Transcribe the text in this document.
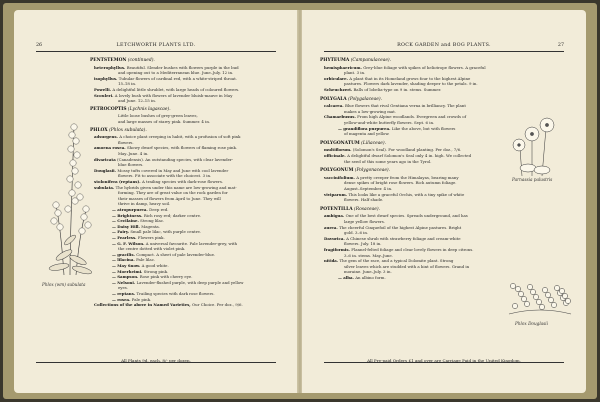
26	LETCHWORTH PLANTS LTD.
PENTSTEMON (continued).
heterophyllus. Beautiful. Slender bushes with flowers purple in the bud
and opening out to a Mediterranean blue. June–July. 12 in.
isophyllus. Tubular flowers of cardinal red, with a white-striped throat.
15–18 in.
Powelli. A delightful little shrublet, with large heads of coloured flowers.
Scouleri. A lovely bush with flowers of lavender bluish-mauve in May
and June. 12–15 in.
PETROCOPTIS (Lychnis lagascae).
Little loose bushes of grey-green leaves,
and large masses of starry pink. Summer. 4 in.
PHLOX (Phlox subulata).
adsurgens. A choice plant creeping in habit, with a profusion of soft pink
flowers.
amoena rosea. Showy dwarf species, with flowers of flaming rose pink.
May–June. 4 in.
divaricata (Canadensis). An outstanding species, with clear lavender-
blue flowers.
Douglasii. Mossy tufts covered in May and June with cool lavender
flowers. Fit to associate with the choicest. 3 in.
stolonifera (reptans). A trailing species with dark-rose flowers.
subulata. The hybrids given under this name are low-growing and mat-
forming. They are of great value on the rock garden for
their masses of flowers from April to June. They will
thrive in damp, heavy soil.
— atropurpurea. Deep red.
— Brightness. Rich rosy red; darker centre.
— Cecilaine. Strong lilac.
— Daisy Hill. Magenta.
— Fairy. Small pale lilac, with purple centre.
— Fearless. Flowers pink.
— G. F. Wilson. A universal favourite. Pale lavender-grey, with
the centre dotted with violet pink.
— gracilis. Compact. A sheet of pale lavender-blue.
— lilacina. Pale lilac.
— May Snow. A good white.
— Moerheimi. Strong pink.
— Sampson. Rose pink with cherry eye.
— Nelsoni. Lavender-flushed purple, with deep purple and yellow
eyes.
— reptans. Trailing species with dark rose flowers.
— rosea. Pale pink.
Collections of the above in Named Varieties, Our Choice. Per doz., 9/6.
Phlox (wm) subulata
All Plants 9d. each, 8/- per dozen.
ROCK GARDEN and BOG PLANTS.	27
PHYTEUMA (Campanulaceae).
hemisphaericum. Grey-blue foliage with spikes of heliotrope flowers. A graceful
plant. 3 in.
orbiculare. A plant that in its Homeland grows four to the highest Alpine
pastures. Flowers dark lavender, shading deeper to the petals. 9 in.
Scheuchzeri. Balls of lobelia-type on 9 in. stems. Summer.
POLYGALA (Polygalaceae).
calcarea. Blue flowers that rival Gentiana verna in brilliancy. The plant
makes a low-growing mat.
Chamaebuxus. From high Alpine woodlands. Evergreen and crowds of
yellow-and-white butterfly flowers. Sept. 6 in.
— grandiflora purpurea. Like the above, but with flowers
of magenta and yellow.
POLYGONATUM (Liliaceae).
multiflorum. (Solomon's Seal). For woodland planting. Per doz., 7/6.
officinale. A delightful dwarf Solomon's Seal only 4 in. high. We collected
the seed of this some years ago in the Tyrol.
POLYGONUM (Polygonaceae).
vaccinifolium. A pretty creeper from the Himalayas, bearing many
dense spikes of bright rose flowers. Rich autumn foliage.
August–September. 4 in.
viviparum. This looks like a graceful Orchis, with a tiny spike of white
flowers. Half shade.
POTENTILLA (Rosaceae).
ambigua. One of the best dwarf species. Spreads underground, and has
large yellow flowers.
aurea. The cheerful Cinquefoil of the highest Alpine pastures. Bright
gold. 3–6 in.
Davurica. A Chinese shrub with strawberry foliage and cream-white
flowers. July. 18 in.
fragiformis. Flannel-felted foliage and clear lovely flowers in deep citrons.
3–6 in. stems. May–June.
nitida. The gem of the race, and a typical Dolomite plant. Strong
silver leaves which are studded with a hint of flowers. Grand in
moraine. June–July. 3 in.
— alba. An albino form.
Parnassia palustris
Phlox Douglasii
All Pre-paid Orders £1 and over are Carriage Paid in the United Kingdom.
